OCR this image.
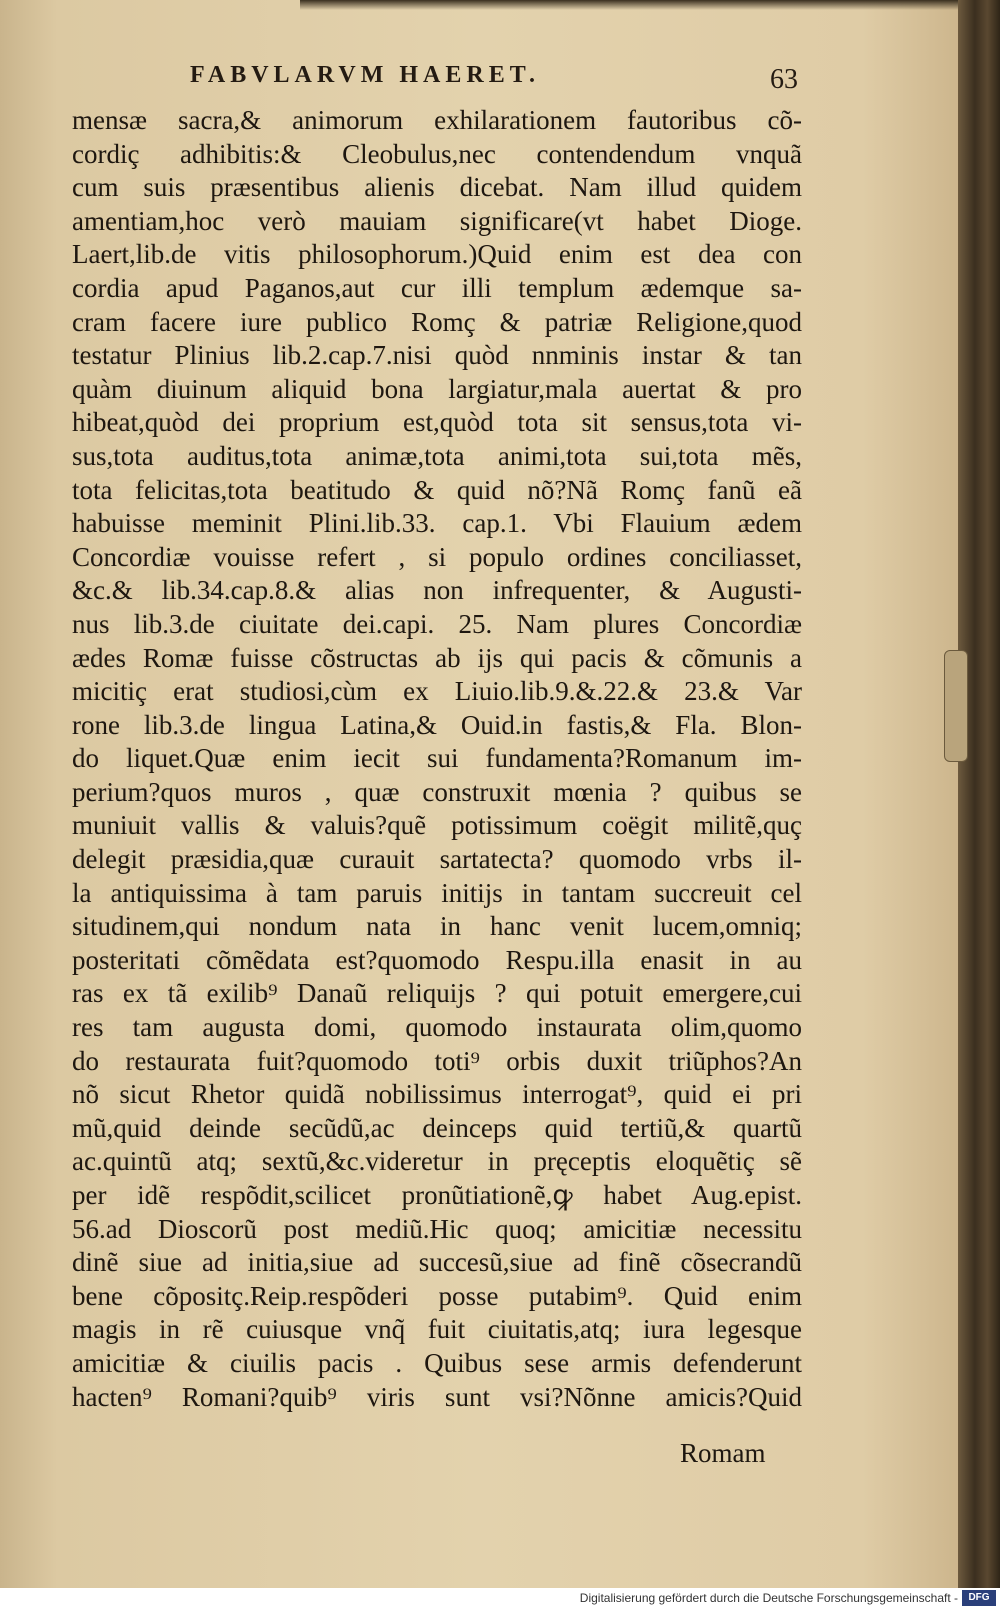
FABVLARVM HAERET.	63
mensæ sacra,& animorum exhilarationem fautoribus cõ-
cordiç adhibitis:& Cleobulus,nec contendendum vnquã
cum suis præsentibus alienis dicebat. Nam illud quidem
amentiam,hoc verò mauiam significare(vt habet Dioge.
Laert,lib.de vitis philosophorum.)Quid enim est dea con
cordia apud Paganos,aut cur illi templum ædemque sa-
cram facere iure publico Romç & patriæ Religione,quod
testatur Plinius lib.2.cap.7.nisi quòd nnminis instar & tan
quàm diuinum aliquid bona largiatur,mala auertat & pro
hibeat,quòd dei proprium est,quòd tota sit sensus,tota vi-
sus,tota auditus,tota animæ,tota animi,tota sui,tota mẽs,
tota felicitas,tota beatitudo & quid nõ?Nã Romç fanũ eã
habuisse meminit Plini.lib.33. cap.1. Vbi Flauium ædem
Concordiæ vouisse refert , si populo ordines conciliasset,
&c.& lib.34.cap.8.& alias non infrequenter, & Augusti-
nus lib.3.de ciuitate dei.capi. 25. Nam plures Concordiæ
ædes Romæ fuisse cõstructas ab ijs qui pacis & cõmunis a
micitiç erat studiosi,cùm ex Liuio.lib.9.&.22.& 23.& Var
rone lib.3.de lingua Latina,& Ouid.in fastis,& Fla. Blon-
do liquet.Quæ enim iecit sui fundamenta?Romanum im-
perium?quos muros , quæ construxit mœnia ? quibus se
muniuit vallis & valuis?quẽ potissimum coëgit militẽ,quç
delegit præsidia,quæ curauit sartatecta? quomodo vrbs il-
la antiquissima à tam paruis initijs in tantam succreuit cel
situdinem,qui nondum nata in hanc venit lucem,omniq;
posteritati cõmẽdata est?quomodo Respu.illa enasit in au
ras ex tã exilib⁹ Danaũ reliquijs ? qui potuit emergere,cui
res tam augusta domi, quomodo instaurata olim,quomo
do restaurata fuit?quomodo toti⁹ orbis duxit triũphos?An
nõ sicut Rhetor quidã nobilissimus interrogat⁹, quid ei pri
mũ,quid deinde secũdũ,ac deinceps quid tertiũ,& quartũ
ac.quintũ atq; sextũ,&c.videretur in pręceptis eloquẽtiç sẽ
per idẽ respõdit,scilicet pronũtiationẽ,ꝙ habet Aug.epist.
56.ad Dioscorũ post mediũ.Hic quoq; amicitiæ necessitu
dinẽ siue ad initia,siue ad succesũ,siue ad finẽ cõsecrandũ
bene cõpositç.Reip.respõderi posse putabim⁹. Quid enim
magis in rẽ cuiusque vnq̃ fuit ciuitatis,atq; iura legesque
amicitiæ & ciuilis pacis . Quibus sese armis defenderunt
hacten⁹ Romani?quib⁹ viris sunt vsi?Nõnne amicis?Quid
Romam
Digitalisierung gefördert durch die Deutsche Forschungsgemeinschaft -	DFG
